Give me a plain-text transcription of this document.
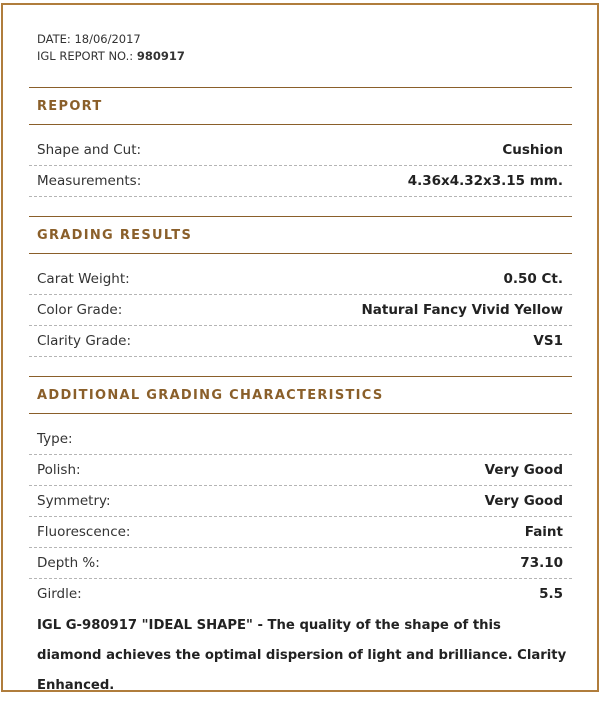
DATE: 18/06/2017
IGL REPORT NO.: 980917
REPORT
Shape and Cut:	Cushion
Measurements:	4.36x4.32x3.15 mm.
GRADING RESULTS
Carat Weight:	0.50 Ct.
Color Grade:	Natural Fancy Vivid Yellow
Clarity Grade:	VS1
ADDITIONAL GRADING CHARACTERISTICS
Type:
Polish:	Very Good
Symmetry:	Very Good
Fluorescence:	Faint
Depth %:	73.10
Girdle:	5.5
IGL G-980917 "IDEAL SHAPE" - The quality of the shape of this diamond achieves the optimal dispersion of light and brilliance. Clarity Enhanced.
